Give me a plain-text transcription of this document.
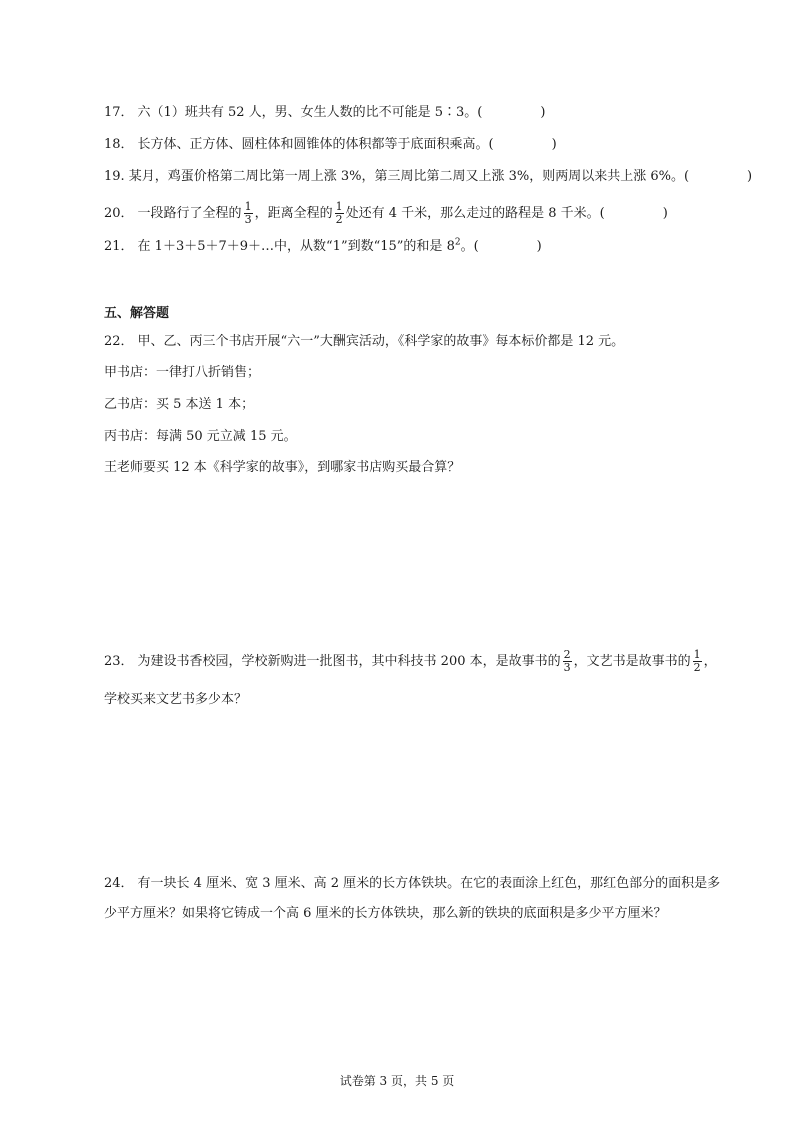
17． 六（1）班共有 52 人，男、女生人数的比不可能是 5∶3。(	)
18． 长方体、正方体、圆柱体和圆锥体的体积都等于底面积乘高。(	)
19. 某月，鸡蛋价格第二周比第一周上涨 3%，第三周比第二周又上涨 3%，则两周以来共上涨 6%。(	)
20． 一段路行了全程的 $\frac{1}{3}$ ，距离全程的 $\frac{1}{2}$ 处还有 4 千米，那么走过的路程是 8 千米。(	)
21． 在 1＋3＋5＋7＋9＋…中，从数“1”到数“15”的和是 $8^2$。(	)
五、解答题
22． 甲、乙、丙三个书店开展“六一”大酬宾活动，《科学家的故事》每本标价都是 12 元。
甲书店：一律打八折销售；
乙书店：买 5 本送 1 本；
丙书店：每满 50 元立减 15 元。
王老师要买 12 本《科学家的故事》，到哪家书店购买最合算？
23． 为建设书香校园，学校新购进一批图书，其中科技书 200 本，是故事书的 $\frac{2}{3}$ ，文艺书是故事书的 $\frac{1}{2}$ ，
学校买来文艺书多少本？
24． 有一块长 4 厘米、宽 3 厘米、高 2 厘米的长方体铁块。在它的表面涂上红色，那红色部分的面积是多
少平方厘米？如果将它铸成一个高 6 厘米的长方体铁块，那么新的铁块的底面积是多少平方厘米？
试卷第 3 页，共 5 页
